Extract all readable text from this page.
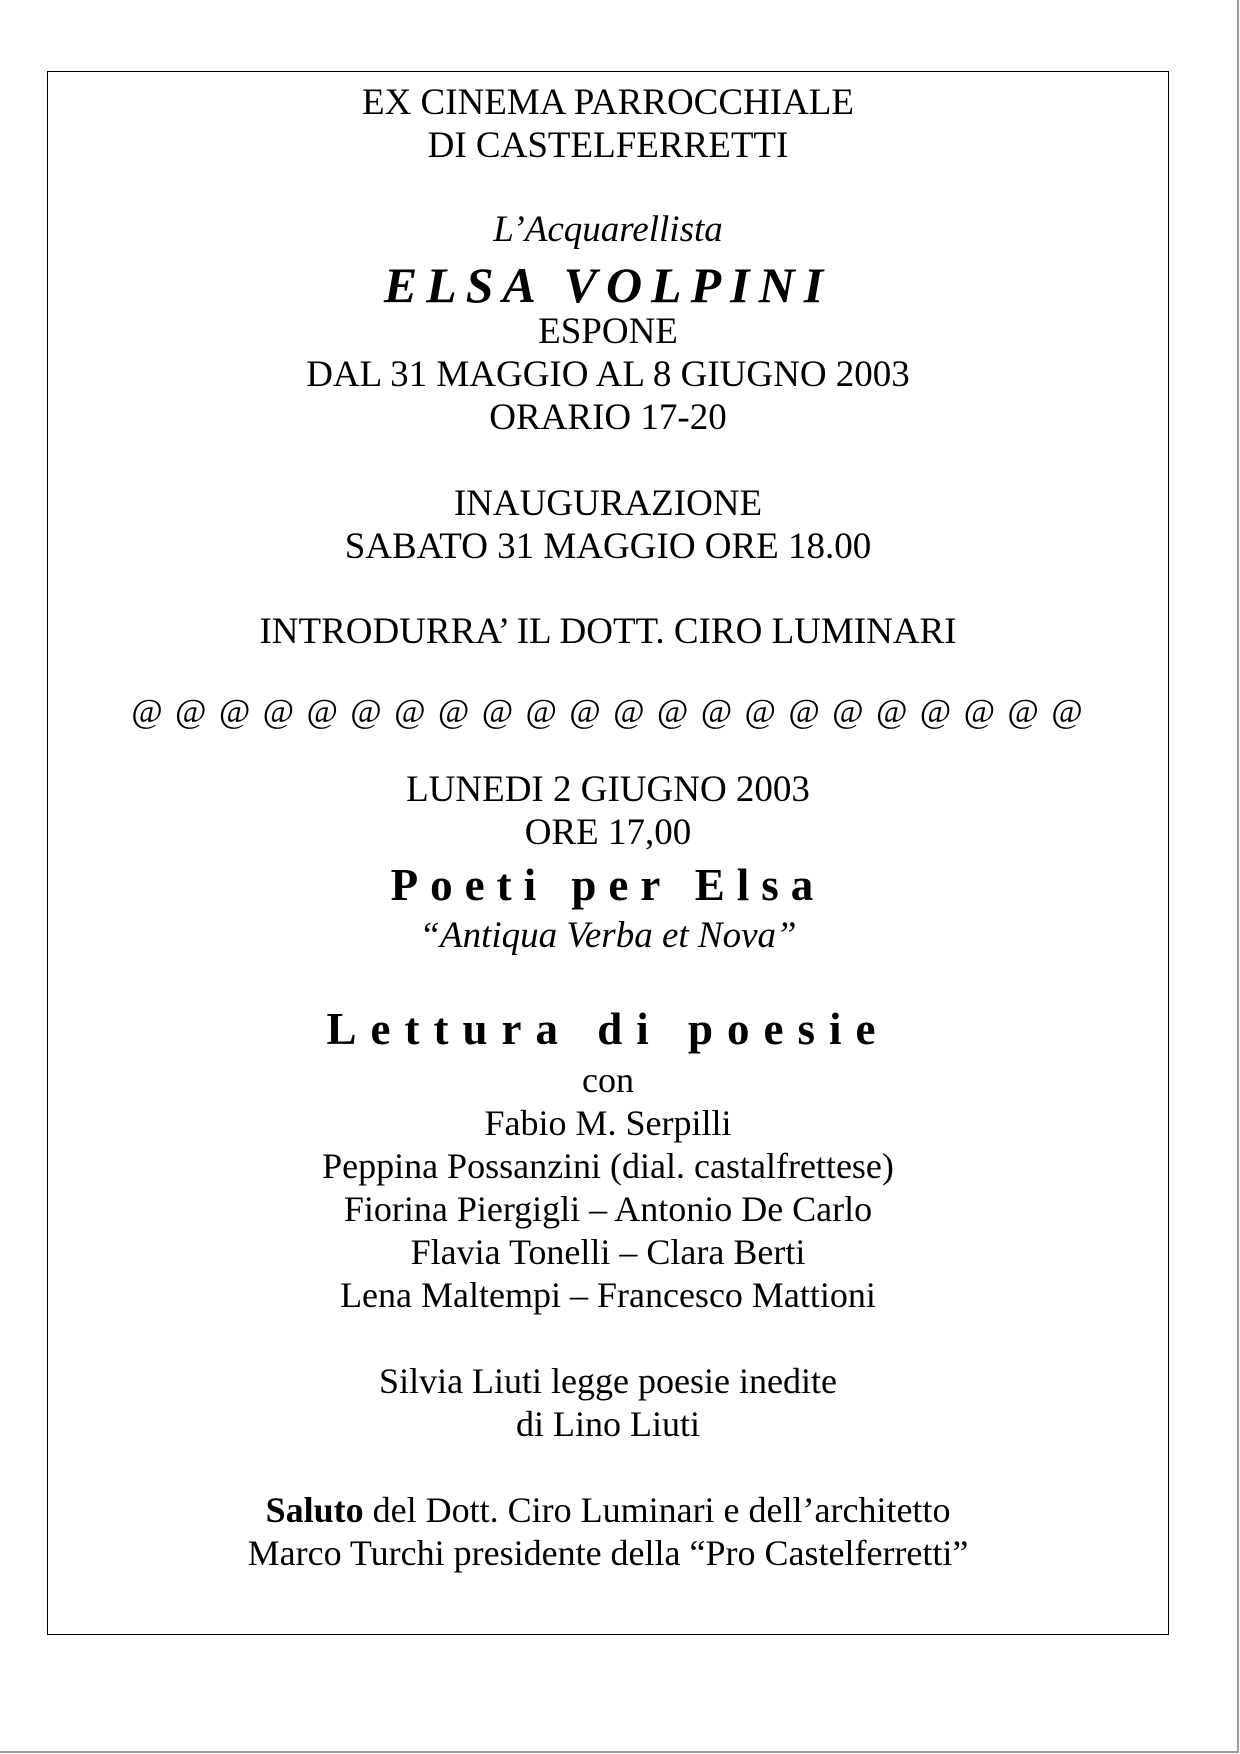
EX CINEMA PARROCCHIALE
DI CASTELFERRETTI
L’Acquarellista
ELSA VOLPINI
ESPONE
DAL 31 MAGGIO AL 8 GIUGNO 2003
ORARIO 17-20
INAUGURAZIONE
SABATO 31 MAGGIO ORE 18.00
INTRODURRA’ IL DOTT. CIRO LUMINARI
@ @ @ @ @ @ @ @ @ @ @ @ @ @ @ @ @ @ @ @ @ @
LUNEDI 2 GIUGNO 2003
ORE 17,00
Poeti per Elsa
“Antiqua Verba et Nova”
Lettura di poesie
con
Fabio M. Serpilli
Peppina Possanzini (dial. castalfrettese)
Fiorina Piergigli – Antonio De Carlo
Flavia Tonelli – Clara Berti
Lena Maltempi – Francesco Mattioni
Silvia Liuti legge poesie inedite
di Lino Liuti
Saluto del Dott. Ciro Luminari e dell’architetto
Marco Turchi presidente della “Pro Castelferretti”
